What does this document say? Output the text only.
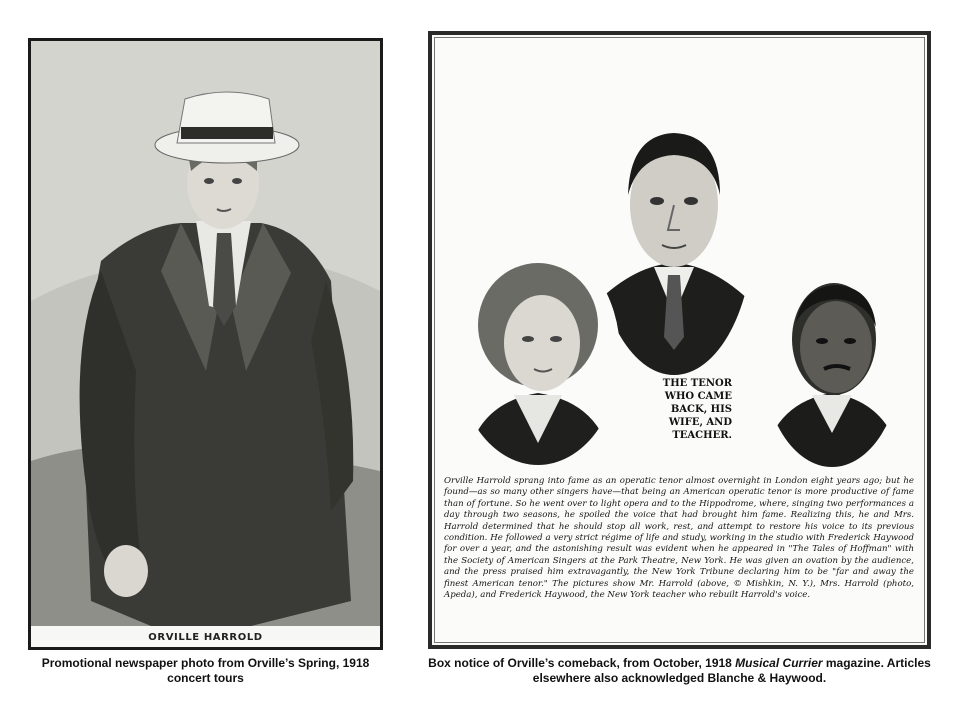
ORVILLE HARROLD
THE TENOR
WHO CAME
BACK, HIS
WIFE, AND
TEACHER.

Orville Harrold sprang into fame as an operatic tenor almost overnight in London eight years ago; but he found—as so many other singers have—that being an American operatic tenor is more productive of fame than of fortune. So he went over to light opera and to the Hippodrome, where, singing two performances a day through two seasons, he spoiled the voice that had brought him fame. Realizing this, he and Mrs. Harrold determined that he should stop all work, rest, and attempt to restore his voice to its previous condition. He followed a very strict régime of life and study, working in the studio with Frederick Haywood for over a year, and the astonishing result was evident when he appeared in "The Tales of Hoffman" with the Society of American Singers at the Park Theatre, New York. He was given an ovation by the audience, and the press praised him extravagantly, the New York Tribune declaring him to be "far and away the finest American tenor." The pictures show Mr. Harrold (above, © Mishkin, N. Y.), Mrs. Harrold (photo, Apeda), and Frederick Haywood, the New York teacher who rebuilt Harrold's voice.

Promotional newspaper photo from Orville’s Spring, 1918 concert tours
Box notice of Orville’s comeback, from October, 1918 Musical Currier magazine. Articles elsewhere also acknowledged Blanche & Haywood.
